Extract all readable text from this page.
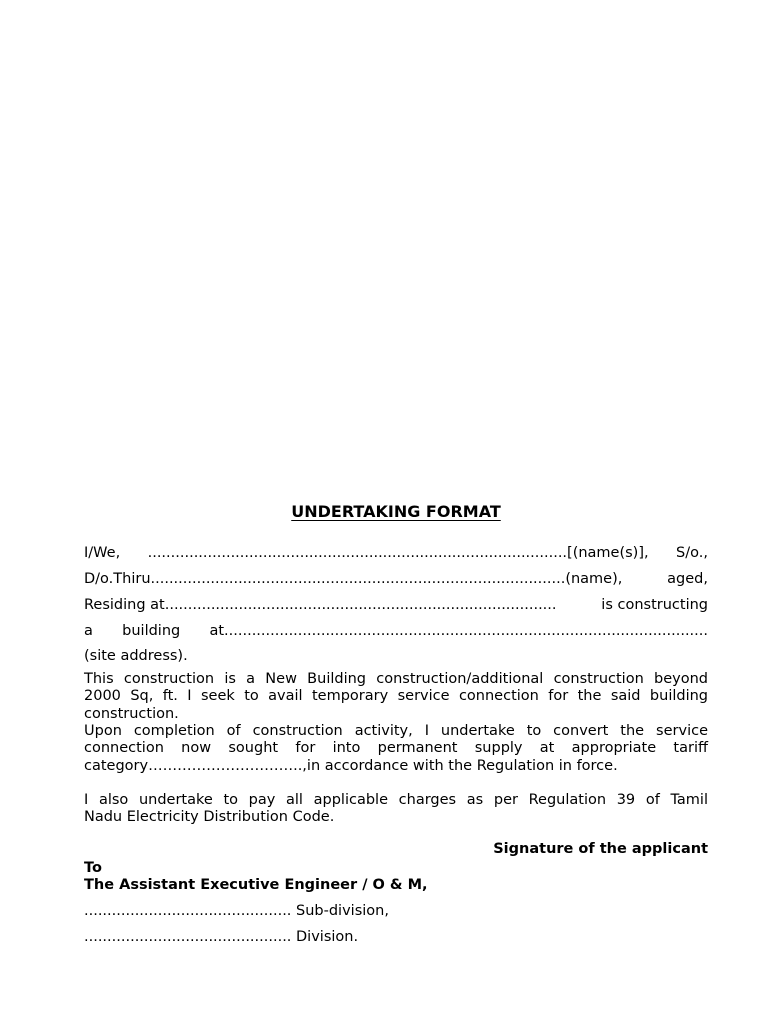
UNDERTAKING FORMAT
I/We, ...........................................................................................[(name(s)], S/o.,
D/o.Thiru..........................................................................................(name),	aged,
Residing at.....................................................................................	is constructing
a building at.........................................................................................................
(site address).
This construction is a New Building construction/additional construction beyond
2000 Sq, ft. I seek to avail temporary service connection for the said building
construction.
Upon completion of construction activity, I undertake to convert the service
connection now sought for into permanent supply at appropriate tariff
category…………………………..,in accordance with the Regulation in force.
I also undertake to pay all applicable charges as per Regulation 39 of Tamil
Nadu Electricity Distribution Code.
Signature of the applicant
To
The Assistant Executive Engineer / O & M,
............................................. Sub-division,
............................................. Division.
